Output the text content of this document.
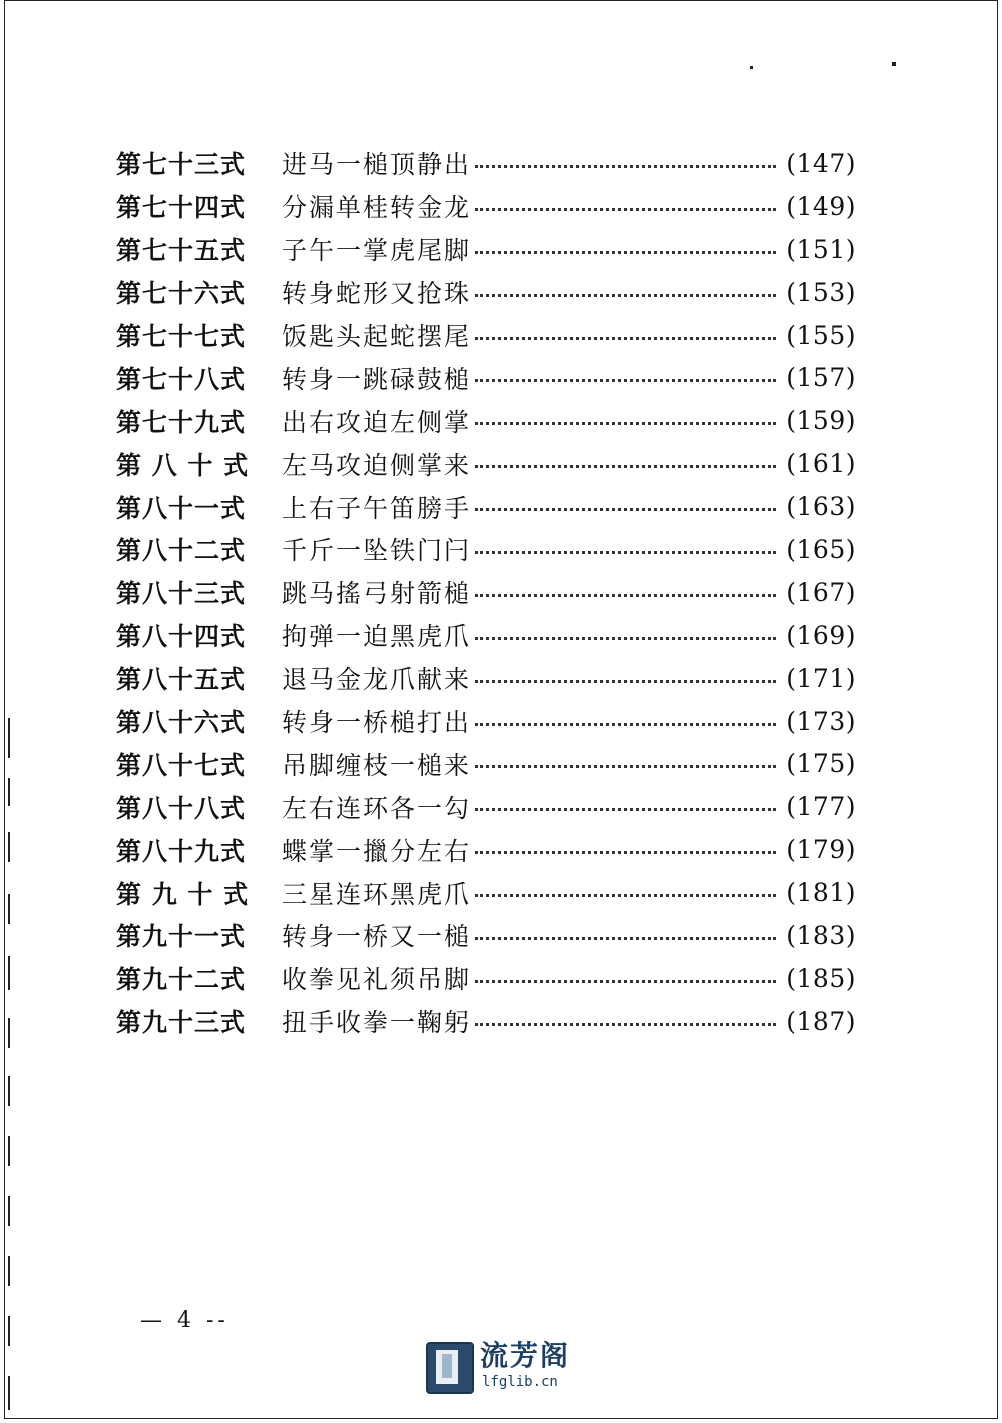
第七十三式	进马一槌顶静出	(147)
第七十四式	分漏单桂转金龙	(149)
第七十五式	子午一掌虎尾脚	(151)
第七十六式	转身蛇形又抢珠	(153)
第七十七式	饭匙头起蛇摆尾	(155)
第七十八式	转身一跳碌鼓槌	(157)
第七十九式	出右攻迫左侧掌	(159)
第 八 十 式	左马攻迫侧掌来	(161)
第八十一式	上右子午笛膀手	(163)
第八十二式	千斤一坠铁门闩	(165)
第八十三式	跳马搖弓射箭槌	(167)
第八十四式	拘弹一迫黑虎爪	(169)
第八十五式	退马金龙爪献来	(171)
第八十六式	转身一桥槌打出	(173)
第八十七式	吊脚缠枝一槌来	(175)
第八十八式	左右连环各一勾	(177)
第八十九式	蝶掌一擸分左右	(179)
第 九 十 式	三星连环黑虎爪	(181)
第九十一式	转身一桥又一槌	(183)
第九十二式	收拳见礼须吊脚	(185)
第九十三式	扭手收拳一鞠躬	(187)
— 4 --
流芳阁
lfglib.cn
